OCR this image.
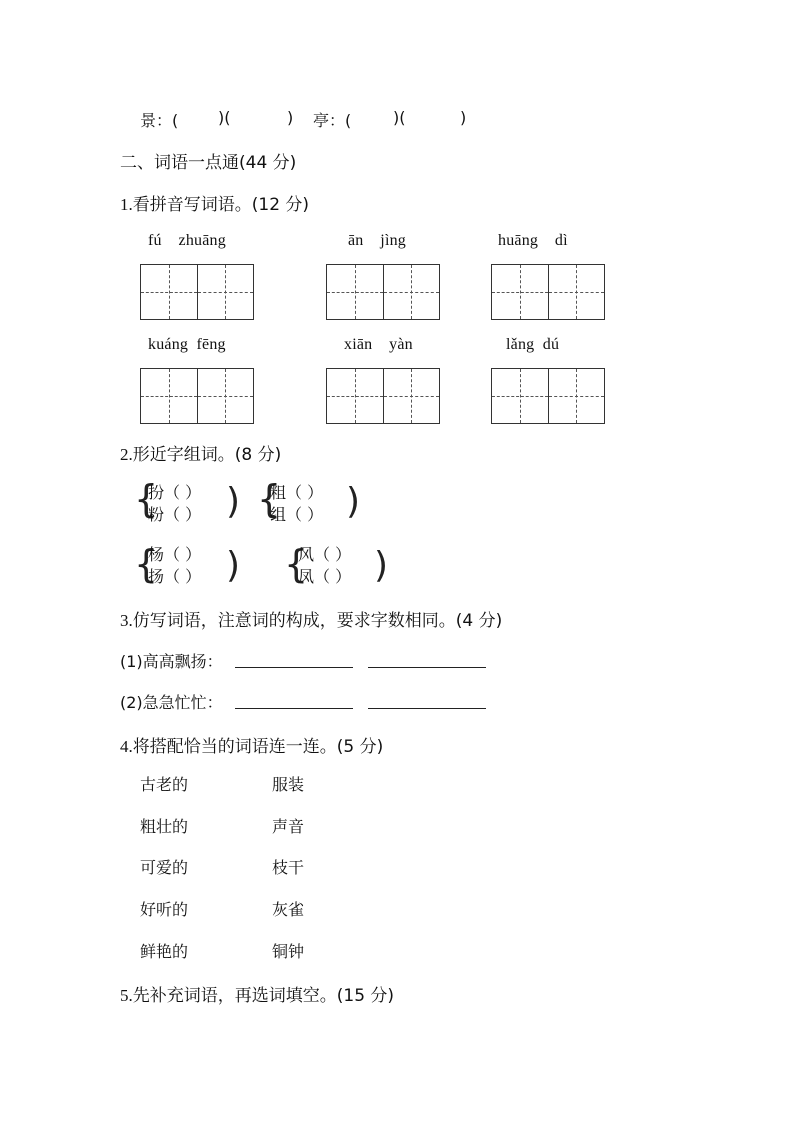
景：( )(	) 亭：(	)(	)
二、词语一点通(44 分)
1.看拼音写词语。(12 分)
fú    zhuāng	ān    jìng	huāng    dì
kuáng  fēng	xiān    yàn	lǎng  dú
2.形近字组词。(8 分)
{
扮（ ）
粉（ ） ) {
粗（ ）
组（ ） )
{
杨（ ）
扬（ ） ) {
风（ ）
凤（ ） )
3.仿写词语，注意词的构成，要求字数相同。(4 分)
(1)高高飘扬：
(2)急急忙忙：
4.将搭配恰当的词语连一连。(5 分)
古老的
粗壮的
可爱的
好听的
鲜艳的
服装
声音
枝干
灰雀
铜钟
5.先补充词语，再选词填空。(15 分)
